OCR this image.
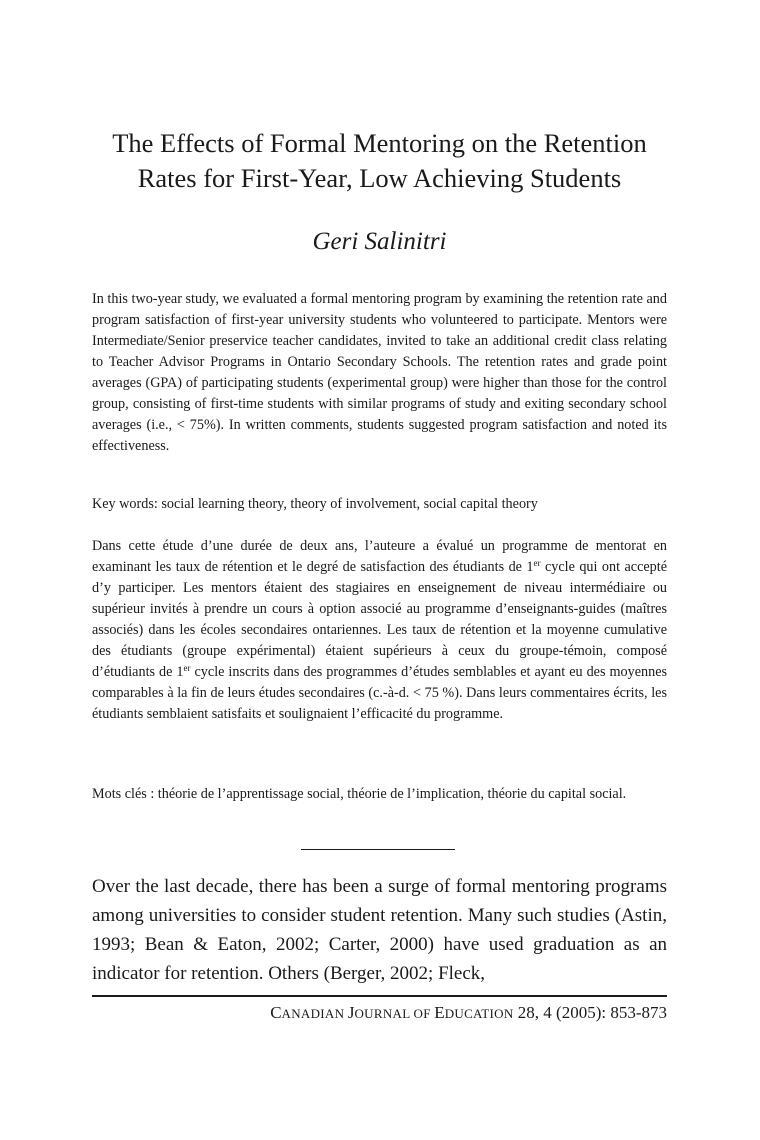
The Effects of Formal Mentoring on the Retention
Rates for First-Year, Low Achieving Students

Geri Salinitri

In this two-year study, we evaluated a formal mentoring program by examining the retention rate and program satisfaction of first-year university students who volunteered to participate. Mentors were Intermediate/Senior preservice teacher candidates, invited to take an additional credit class relating to Teacher Advisor Programs in Ontario Secondary Schools. The retention rates and grade point averages (GPA) of participating students (experimental group) were higher than those for the control group, consisting of first-time students with similar programs of study and exiting secondary school averages (i.e., < 75%). In written comments, students suggested program satisfaction and noted its effectiveness.

Key words: social learning theory, theory of involvement, social capital theory

Dans cette étude d’une durée de deux ans, l’auteure a évalué un programme de mentorat en examinant les taux de rétention et le degré de satisfaction des étudiants de 1er cycle qui ont accepté d’y participer. Les mentors étaient des stagiaires en enseignement de niveau intermédiaire ou supérieur invités à prendre un cours à option associé au programme d’enseignants-guides (maîtres associés) dans les écoles secondaires ontariennes. Les taux de rétention et la moyenne cumulative des étudiants (groupe expérimental) étaient supérieurs à ceux du groupe-témoin, composé d’étudiants de 1er cycle inscrits dans des programmes d’études semblables et ayant eu des moyennes comparables à la fin de leurs études secondaires (c.-à-d. < 75 %). Dans leurs commentaires écrits, les étudiants semblaient satisfaits et soulignaient l’efficacité du programme.

Mots clés : théorie de l’apprentissage social, théorie de l’implication, théorie du capital social.

Over the last decade, there has been a surge of formal mentoring programs among universities to consider student retention. Many such studies (Astin, 1993; Bean & Eaton, 2002; Carter, 2000) have used graduation as an indicator for retention. Others (Berger, 2002; Fleck,

CANADIAN JOURNAL OF EDUCATION 28, 4 (2005): 853-873
